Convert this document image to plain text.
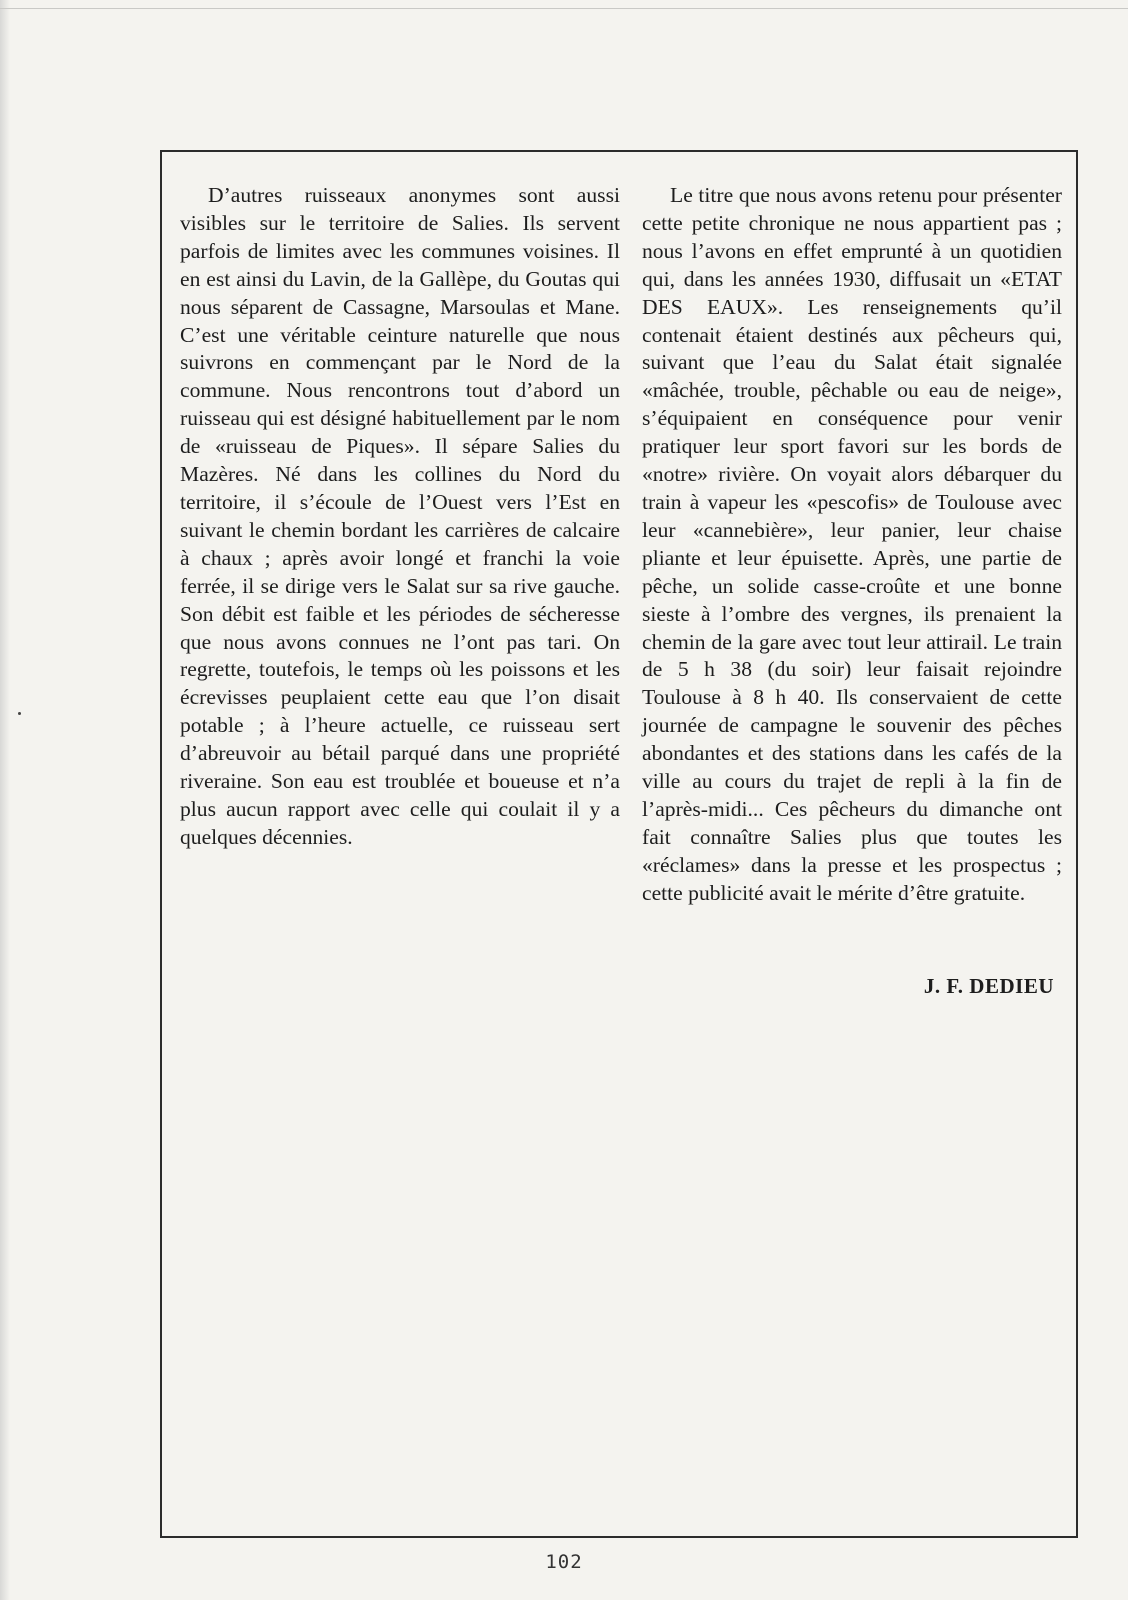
D’autres ruisseaux anonymes sont aussi visibles sur le territoire de Salies. Ils servent parfois de limites avec les communes voisines. Il en est ainsi du Lavin, de la Gallèpe, du Goutas qui nous séparent de Cassagne, Marsoulas et Mane. C’est une véritable ceinture naturelle que nous suivrons en commençant par le Nord de la commune. Nous rencontrons tout d’abord un ruisseau qui est désigné habituellement par le nom de «ruisseau de Piques». Il sépare Salies du Mazères. Né dans les collines du Nord du territoire, il s’écoule de l’Ouest vers l’Est en suivant le chemin bordant les carrières de calcaire à chaux ; après avoir longé et franchi la voie ferrée, il se dirige vers le Salat sur sa rive gauche. Son débit est faible et les périodes de sécheresse que nous avons connues ne l’ont pas tari. On regrette, toutefois, le temps où les poissons et les écrevisses peuplaient cette eau que l’on disait potable ; à l’heure actuelle, ce ruisseau sert d’abreuvoir au bétail parqué dans une propriété riveraine. Son eau est troublée et boueuse et n’a plus aucun rapport avec celle qui coulait il y a quelques décennies.

Le titre que nous avons retenu pour présenter cette petite chronique ne nous appartient pas ; nous l’avons en effet emprunté à un quotidien qui, dans les années 1930, diffusait un «ETAT DES EAUX». Les renseignements qu’il contenait étaient destinés aux pêcheurs qui, suivant que l’eau du Salat était signalée «mâchée, trouble, pêchable ou eau de neige», s’équipaient en conséquence pour venir pratiquer leur sport favori sur les bords de «notre» rivière. On voyait alors débarquer du train à vapeur les «pescofis» de Toulouse avec leur «cannebière», leur panier, leur chaise pliante et leur épuisette. Après, une partie de pêche, un solide casse-croûte et une bonne sieste à l’ombre des vergnes, ils prenaient la chemin de la gare avec tout leur attirail. Le train de 5 h 38 (du soir) leur faisait rejoindre Toulouse à 8 h 40. Ils conservaient de cette journée de campagne le souvenir des pêches abondantes et des stations dans les cafés de la ville au cours du trajet de repli à la fin de l’après-midi... Ces pêcheurs du dimanche ont fait connaître Salies plus que toutes les «réclames» dans la presse et les prospectus ; cette publicité avait le mérite d’être gratuite.

J. F. DEDIEU
102
